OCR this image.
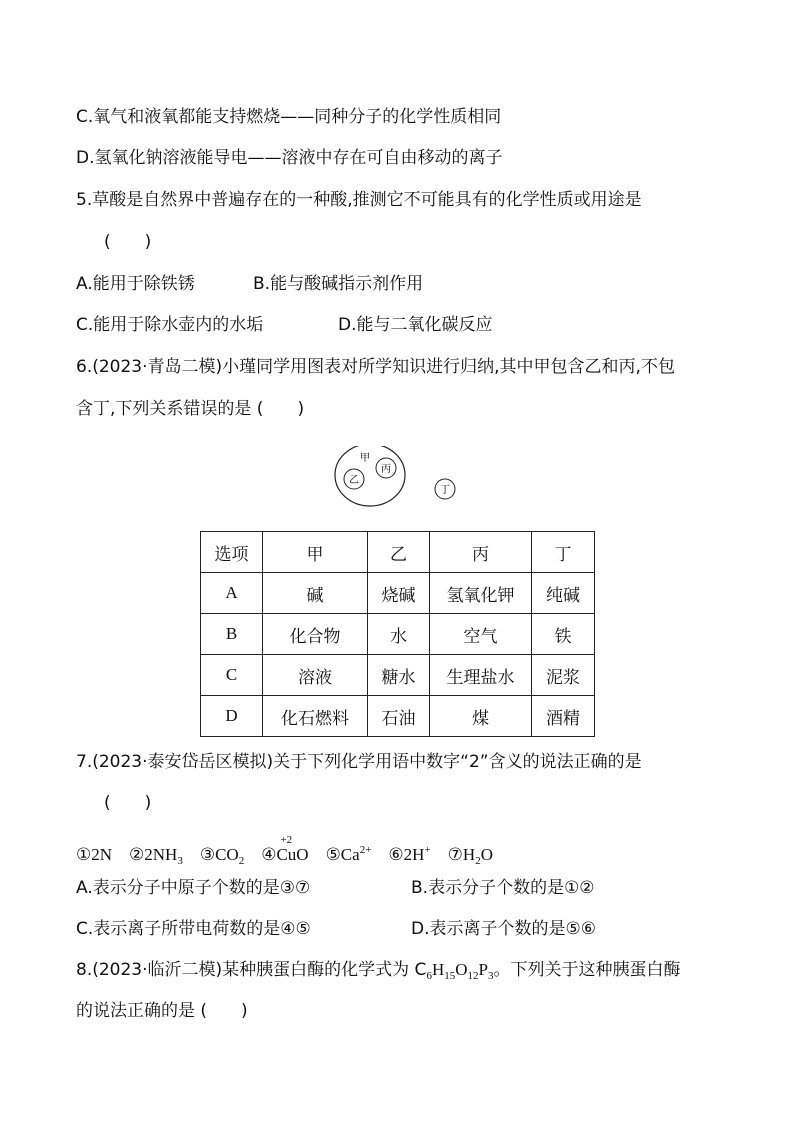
C.氧气和液氧都能支持燃烧——同种分子的化学性质相同
D.氢氧化钠溶液能导电——溶液中存在可自由移动的离子
5.草酸是自然界中普遍存在的一种酸,推测它不可能具有的化学性质或用途是
(　　)
A.能用于除铁锈	B.能与酸碱指示剂作用
C.能用于除水壶内的水垢	D.能与二氧化碳反应
6.(2023·青岛二模)小瑾同学用图表对所学知识进行归纳,其中甲包含乙和丙,不包
含丁,下列关系错误的是 (　　)
甲
乙
丙
丁
选项	甲	乙	丙	丁
A	碱	烧碱	氢氧化钾	纯碱
B	化合物	水	空气	铁
C	溶液	糖水	生理盐水	泥浆
D	化石燃料	石油	煤	酒精
7.(2023·泰安岱岳区模拟)关于下列化学用语中数字“2”含义的说法正确的是
(　　)
①2N $②2NH_3$ $③CO_2$ ④
+2
CuO $⑤Ca^{2+}$ ⑥2H+ $⑦H_2O$
A.表示分子中原子个数的是③⑦	B.表示分子个数的是①②
C.表示离子所带电荷数的是④⑤	D.表示离子个数的是⑤⑥
8.(2023·临沂二模)某种胰蛋白酶的化学式为 $C_6H_{15}O_{12}P_3$。下列关于这种胰蛋白酶
的说法正确的是 (　　)
